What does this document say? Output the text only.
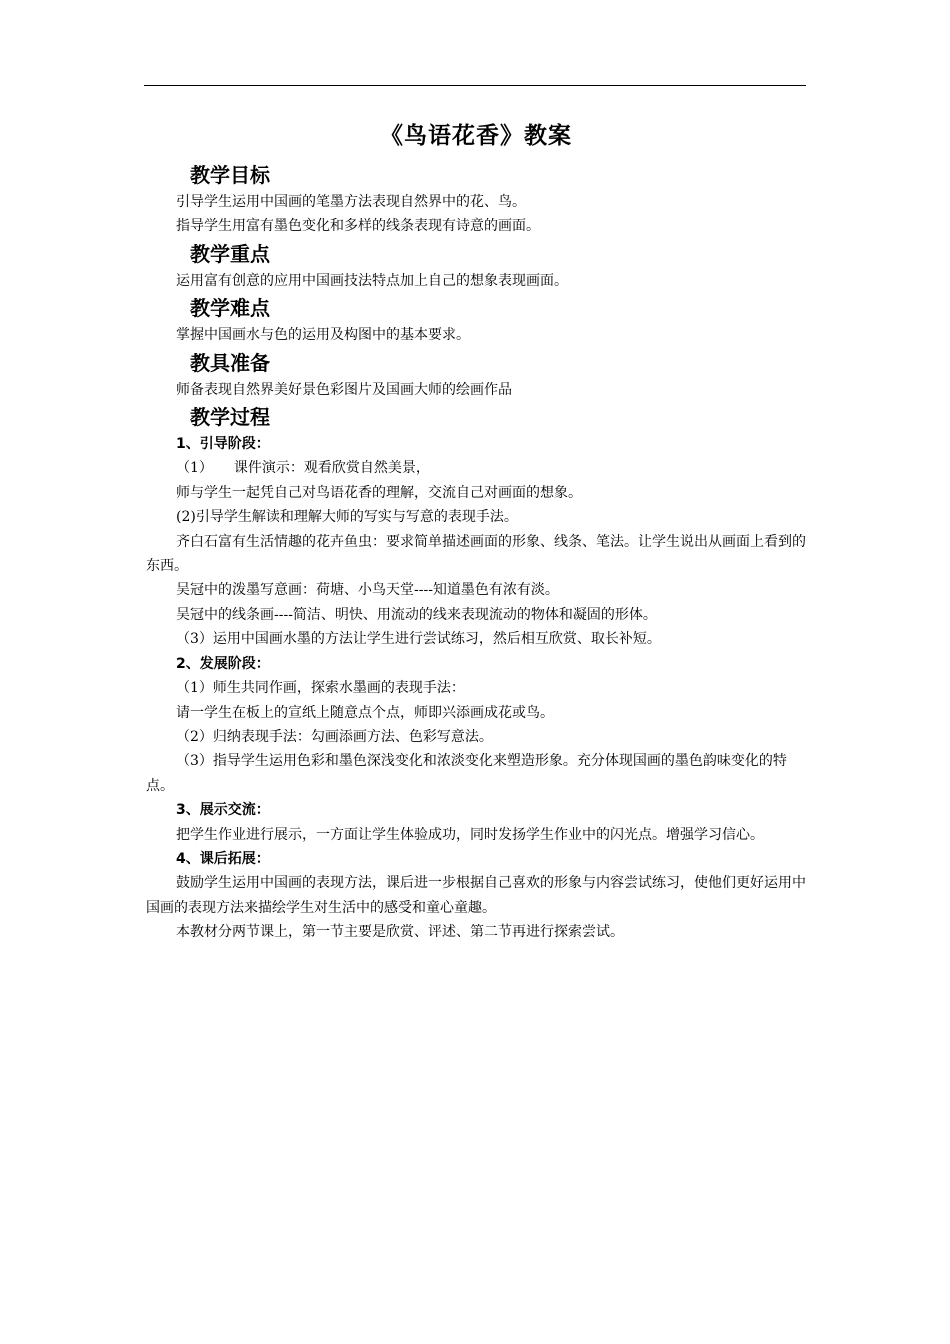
《鸟语花香》教案
教学目标

引导学生运用中国画的笔墨方法表现自然界中的花、鸟。

指导学生用富有墨色变化和多样的线条表现有诗意的画面。

教学重点

运用富有创意的应用中国画技法特点加上自己的想象表现画面。

教学难点

掌握中国画水与色的运用及构图中的基本要求。

教具准备

师备表现自然界美好景色彩图片及国画大师的绘画作品

教学过程

1、引导阶段：

（1）　　课件演示：观看欣赏自然美景，

师与学生一起凭自己对鸟语花香的理解，交流自己对画面的想象。

(2)引导学生解读和理解大师的写实与写意的表现手法。

齐白石富有生活情趣的花卉鱼虫：要求简单描述画面的形象、线条、笔法。让学生说出从画面上看到的东西。

吴冠中的泼墨写意画：荷塘、小鸟天堂----知道墨色有浓有淡。

吴冠中的线条画----简洁、明快、用流动的线来表现流动的物体和凝固的形体。

（3）运用中国画水墨的方法让学生进行尝试练习，然后相互欣赏、取长补短。

2、发展阶段：

（1）师生共同作画，探索水墨画的表现手法：

请一学生在板上的宣纸上随意点个点，师即兴添画成花或鸟。

（2）归纳表现手法：勾画添画方法、色彩写意法。

（3）指导学生运用色彩和墨色深浅变化和浓淡变化来塑造形象。充分体现国画的墨色韵味变化的特点。

3、展示交流：

把学生作业进行展示，一方面让学生体验成功，同时发扬学生作业中的闪光点。增强学习信心。

4、课后拓展：

鼓励学生运用中国画的表现方法，课后进一步根据自己喜欢的形象与内容尝试练习，使他们更好运用中国画的表现方法来描绘学生对生活中的感受和童心童趣。

本教材分两节课上，第一节主要是欣赏、评述、第二节再进行探索尝试。
